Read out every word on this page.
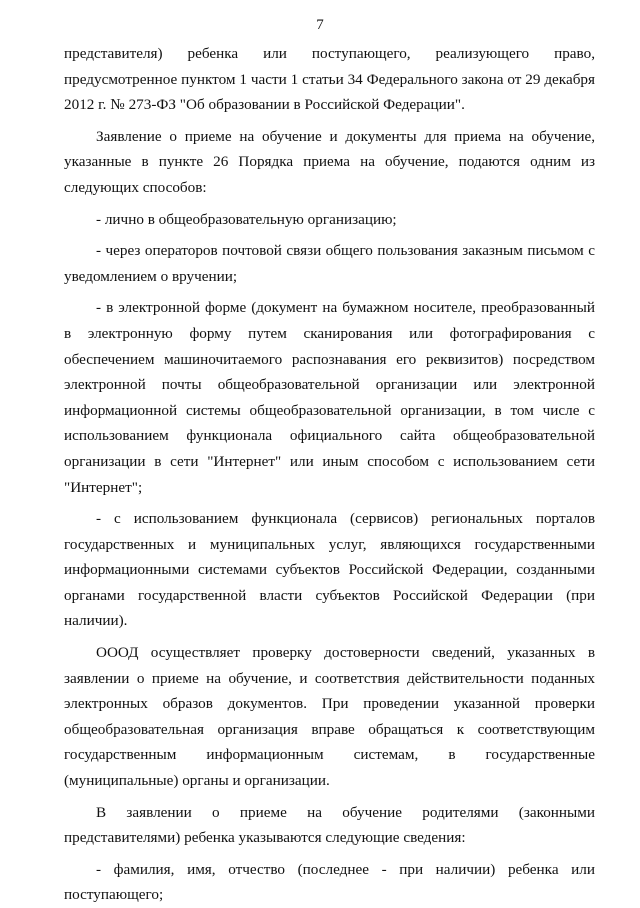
7

представителя) ребенка или поступающего, реализующего право, предусмотренное пунктом 1 части 1 статьи 34 Федерального закона от 29 декабря 2012 г. № 273-ФЗ "Об образовании в Российской Федерации".

Заявление о приеме на обучение и документы для приема на обучение, указанные в пункте 26 Порядка приема на обучение, подаются одним из следующих способов:

- лично в общеобразовательную организацию;

- через операторов почтовой связи общего пользования заказным письмом с уведомлением о вручении;

- в электронной форме (документ на бумажном носителе, преобразованный в электронную форму путем сканирования или фотографирования с обеспечением машиночитаемого распознавания его реквизитов) посредством электронной почты общеобразовательной организации или электронной информационной системы общеобразовательной организации, в том числе с использованием функционала официального сайта общеобразовательной организации в сети "Интернет" или иным способом с использованием сети "Интернет";

- с использованием функционала (сервисов) региональных порталов государственных и муниципальных услуг, являющихся государственными информационными системами субъектов Российской Федерации, созданными органами государственной власти субъектов Российской Федерации (при наличии).

ОООД осуществляет проверку достоверности сведений, указанных в заявлении о приеме на обучение, и соответствия действительности поданных электронных образов документов. При проведении указанной проверки общеобразовательная организация вправе обращаться к соответствующим государственным информационным системам, в государственные (муниципальные) органы и организации.

В заявлении о приеме на обучение родителями (законными представителями) ребенка указываются следующие сведения:

- фамилия, имя, отчество (последнее - при наличии) ребенка или поступающего;
